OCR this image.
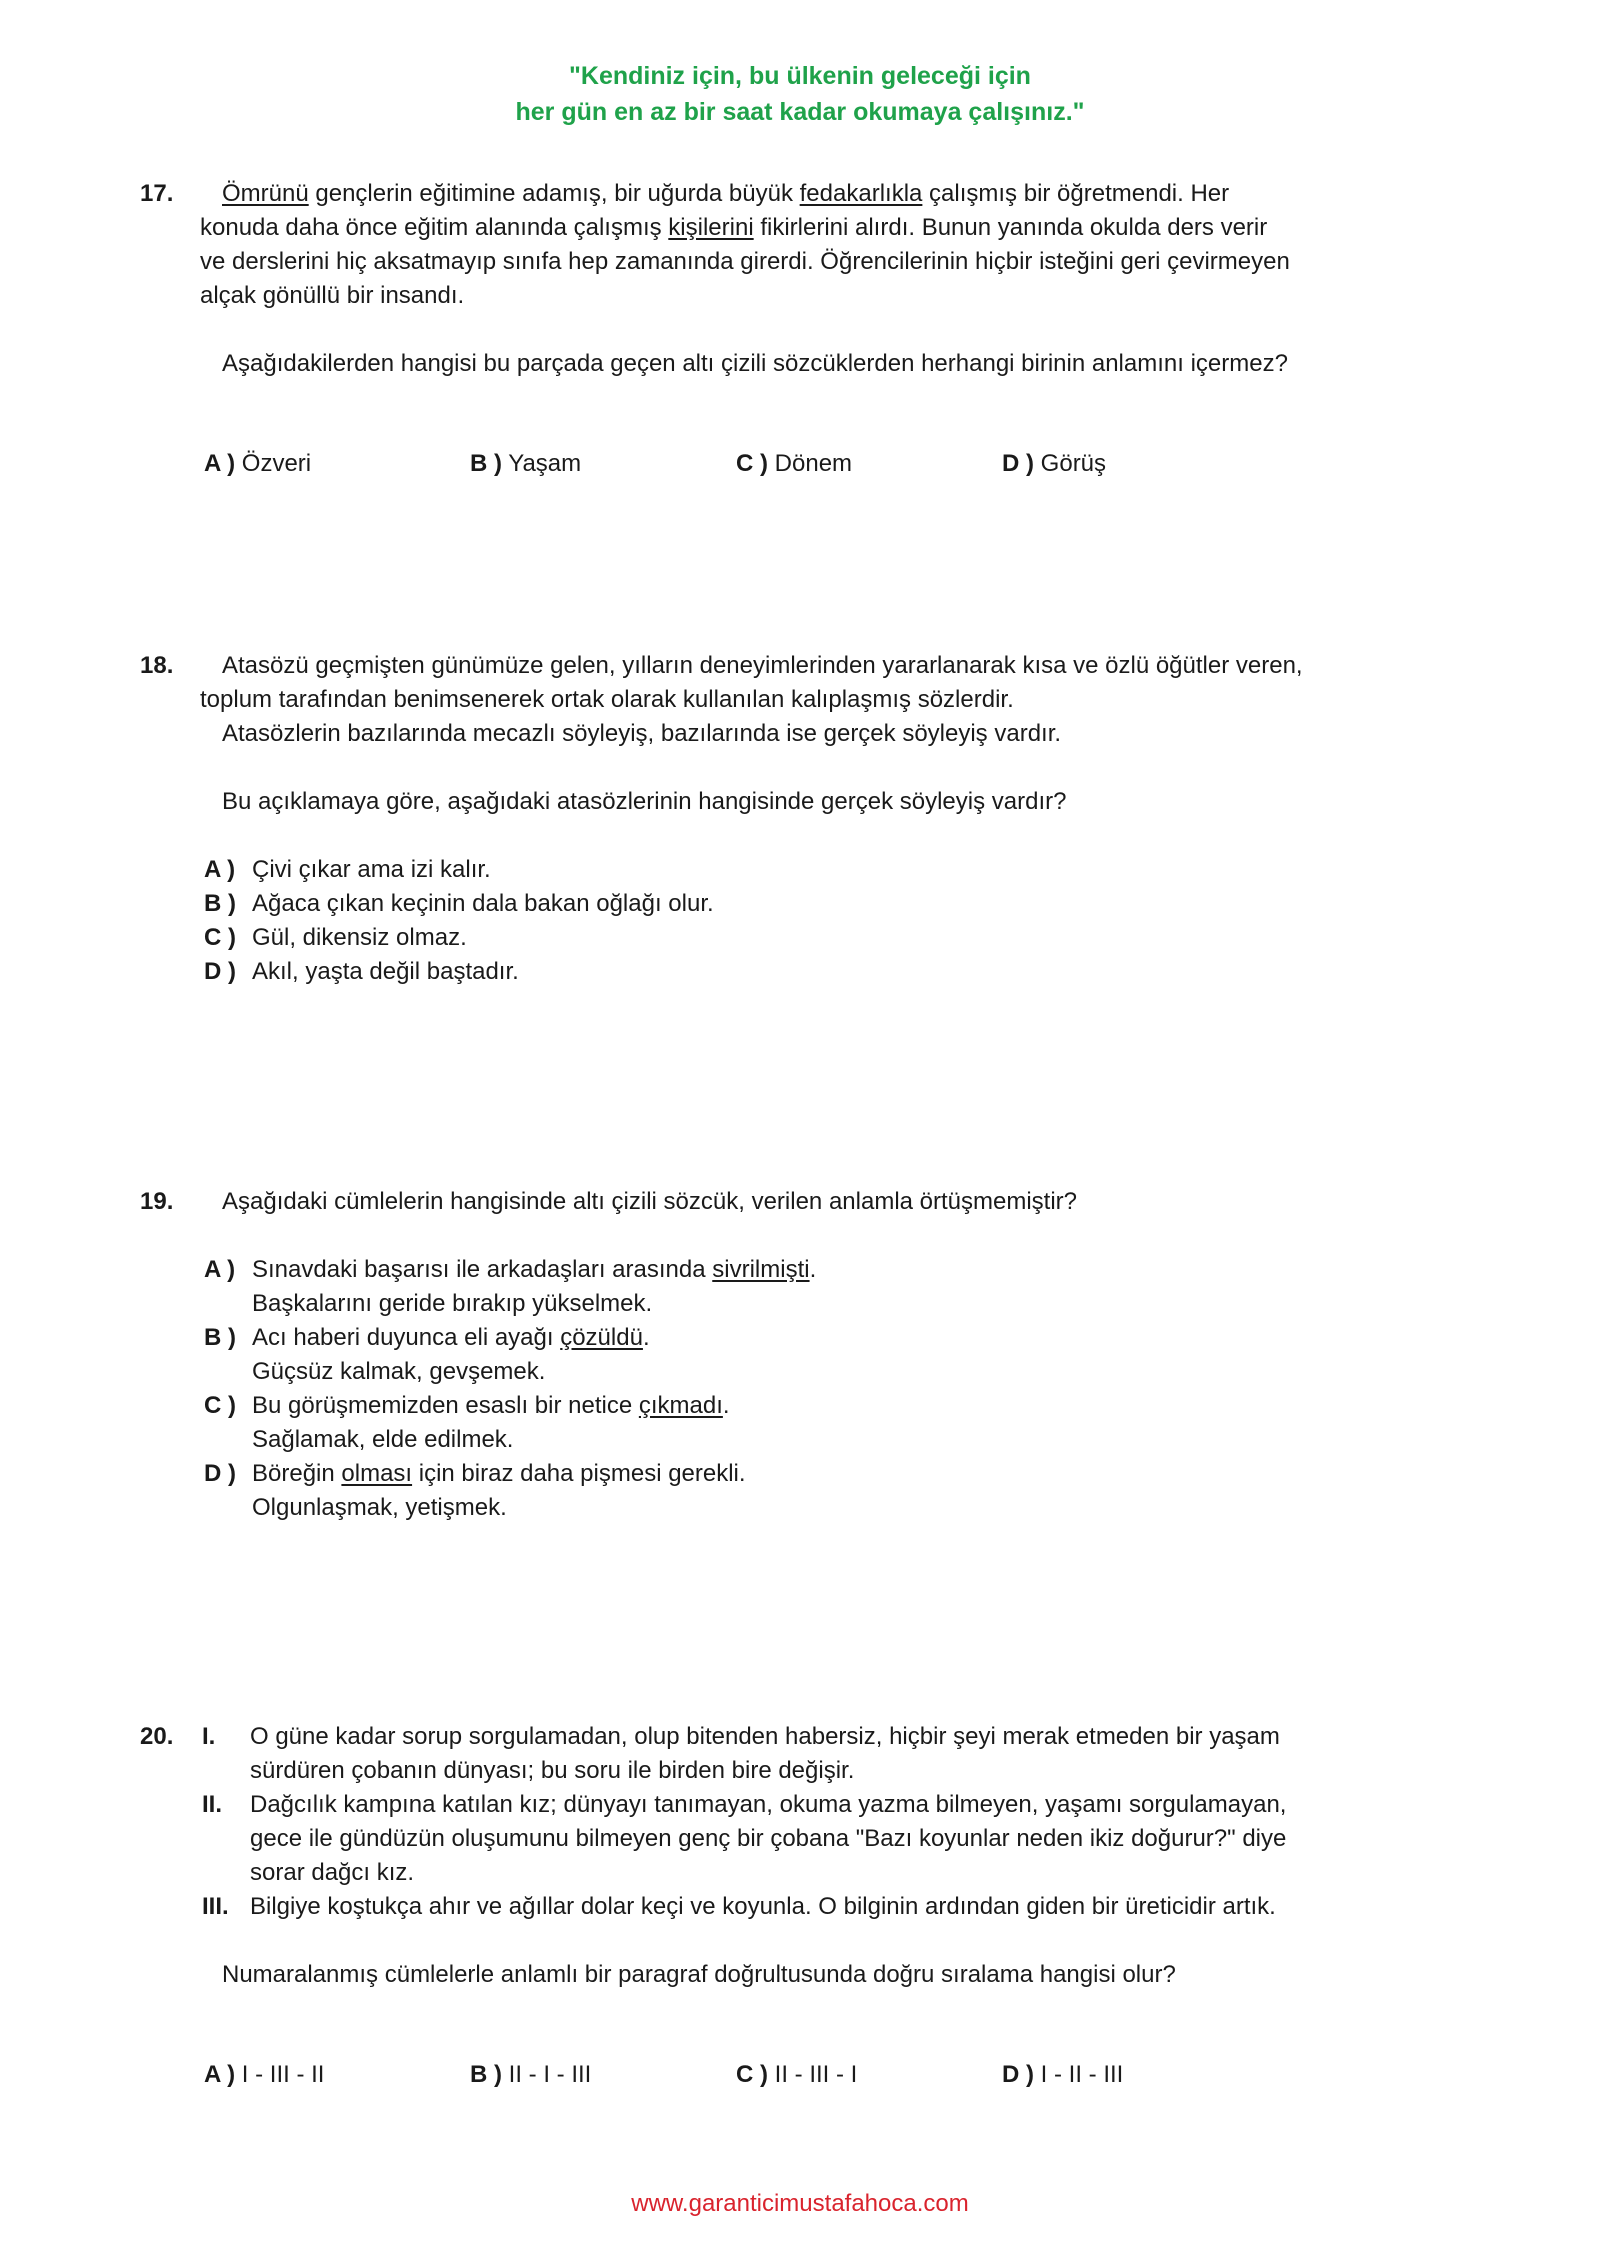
"Kendiniz için, bu ülkenin geleceği için
her gün en az bir saat kadar okumaya çalışınız."
17.	Ömrünü gençlerin eğitimine adamış, bir uğurda büyük fedakarlıkla çalışmış bir öğretmendi. Her
konuda daha önce eğitim alanında çalışmış kişilerini fikirlerini alırdı. Bunun yanında okulda ders verir
ve derslerini hiç aksatmayıp sınıfa hep zamanında girerdi. Öğrencilerinin hiçbir isteğini geri çevirmeyen
alçak gönüllü bir insandı.
Aşağıdakilerden hangisi bu parçada geçen altı çizili sözcüklerden herhangi birinin anlamını içermez?
A ) Özveri	B ) Yaşam	C ) Dönem	D ) Görüş
18.	Atasözü geçmişten günümüze gelen, yılların deneyimlerinden yararlanarak kısa ve özlü öğütler veren,
toplum tarafından benimsenerek ortak olarak kullanılan kalıplaşmış sözlerdir.
Atasözlerin bazılarında mecazlı söyleyiş, bazılarında ise gerçek söyleyiş vardır.
Bu açıklamaya göre, aşağıdaki atasözlerinin hangisinde gerçek söyleyiş vardır?
A ) Çivi çıkar ama izi kalır.
B ) Ağaca çıkan keçinin dala bakan oğlağı olur.
C ) Gül, dikensiz olmaz.
D ) Akıl, yaşta değil baştadır.
19.	Aşağıdaki cümlelerin hangisinde altı çizili sözcük, verilen anlamla örtüşmemiştir?
A ) Sınavdaki başarısı ile arkadaşları arasında sivrilmişti.
Başkalarını geride bırakıp yükselmek.
B ) Acı haberi duyunca eli ayağı çözüldü.
Güçsüz kalmak, gevşemek.
C ) Bu görüşmemizden esaslı bir netice çıkmadı.
Sağlamak, elde edilmek.
D ) Böreğin olması için biraz daha pişmesi gerekli.
Olgunlaşmak, yetişmek.
20. I.	O güne kadar sorup sorgulamadan, olup bitenden habersiz, hiçbir şeyi merak etmeden bir yaşam
sürdüren çobanın dünyası; bu soru ile birden bire değişir.
II.	Dağcılık kampına katılan kız; dünyayı tanımayan, okuma yazma bilmeyen, yaşamı sorgulamayan,
gece ile gündüzün oluşumunu bilmeyen genç bir çobana "Bazı koyunlar neden ikiz doğurur?" diye
sorar dağcı kız.
III. Bilgiye koştukça ahır ve ağıllar dolar keçi ve koyunla. O bilginin ardından giden bir üreticidir artık.
Numaralanmış cümlelerle anlamlı bir paragraf doğrultusunda doğru sıralama hangisi olur?
A ) I - III - II	B ) II - I - III	C ) II - III - I	D ) I - II - III
www.garanticimustafahoca.com
